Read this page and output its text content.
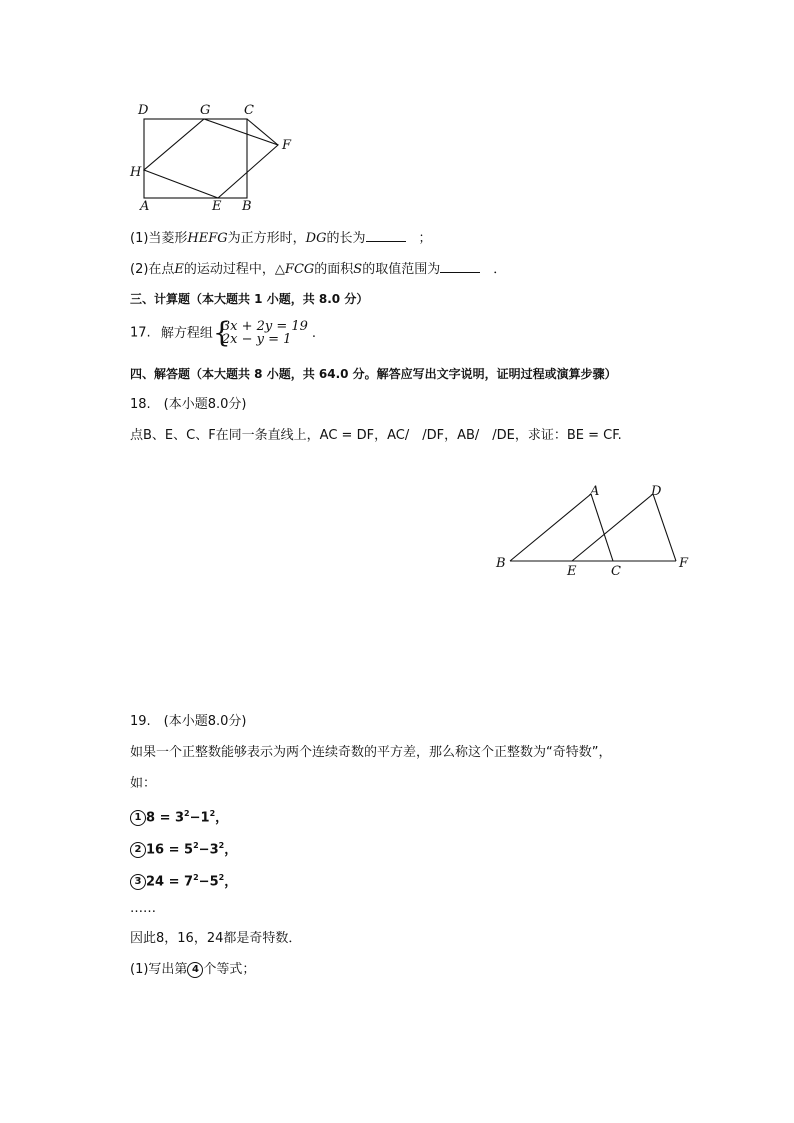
D	G	C
F
H
A	E B
(1)当菱形HEFG为正方形时，DG的长为　	；
(2)在点E的运动过程中，△FCG的面积S的取值范围为　	．
三、计算题（本大题共 1 小题，共 8.0 分）
17. 解方程组 {
3x + 2y = 19
2x − y = 1	.
四、解答题（本大题共 8 小题，共 64.0 分。解答应写出文字说明，证明过程或演算步骤）
18.　(本小题8.0分)
点B、E、C、F在同一条直线上，AC = DF，AC/　/DF，AB/　/DE，求证：BE = CF.
A	D
B
E	C
F
19.　(本小题8.0分)
如果一个正整数能够表示为两个连续奇数的平方差，那么称这个正整数为“奇特数”，
如：
1 $8 = 3^2-1^2$，
2 $16 = 5^2-3^2$，
3 $24 = 7^2-5^2$，
……
因此8，16，24都是奇特数．
(1)写出第 4 个等式；
